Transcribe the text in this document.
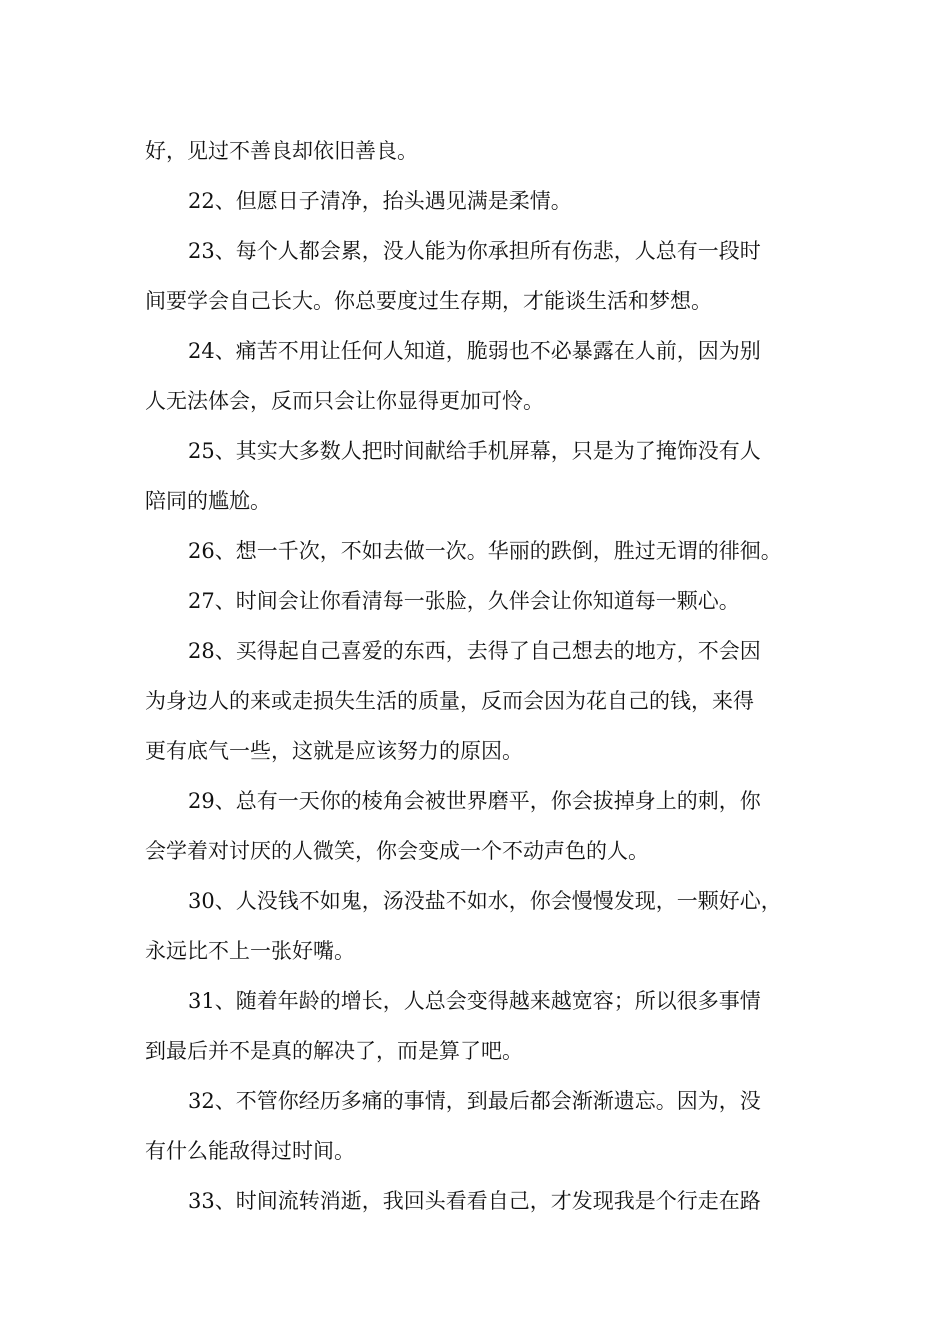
好，见过不善良却依旧善良。
22、但愿日子清净，抬头遇见满是柔情。
23、每个人都会累，没人能为你承担所有伤悲，人总有一段时
间要学会自己长大。你总要度过生存期，才能谈生活和梦想。
24、痛苦不用让任何人知道，脆弱也不必暴露在人前，因为别
人无法体会，反而只会让你显得更加可怜。
25、其实大多数人把时间献给手机屏幕，只是为了掩饰没有人
陪同的尴尬。
26、想一千次，不如去做一次。华丽的跌倒，胜过无谓的徘徊。
27、时间会让你看清每一张脸，久伴会让你知道每一颗心。
28、买得起自己喜爱的东西，去得了自己想去的地方，不会因
为身边人的来或走损失生活的质量，反而会因为花自己的钱，来得
更有底气一些，这就是应该努力的原因。
29、总有一天你的棱角会被世界磨平，你会拔掉身上的刺，你
会学着对讨厌的人微笑，你会变成一个不动声色的人。
30、人没钱不如鬼，汤没盐不如水，你会慢慢发现，一颗好心，
永远比不上一张好嘴。
31、随着年龄的增长，人总会变得越来越宽容；所以很多事情
到最后并不是真的解决了，而是算了吧。
32、不管你经历多痛的事情，到最后都会渐渐遗忘。因为，没
有什么能敌得过时间。
33、时间流转消逝，我回头看看自己，才发现我是个行走在路
